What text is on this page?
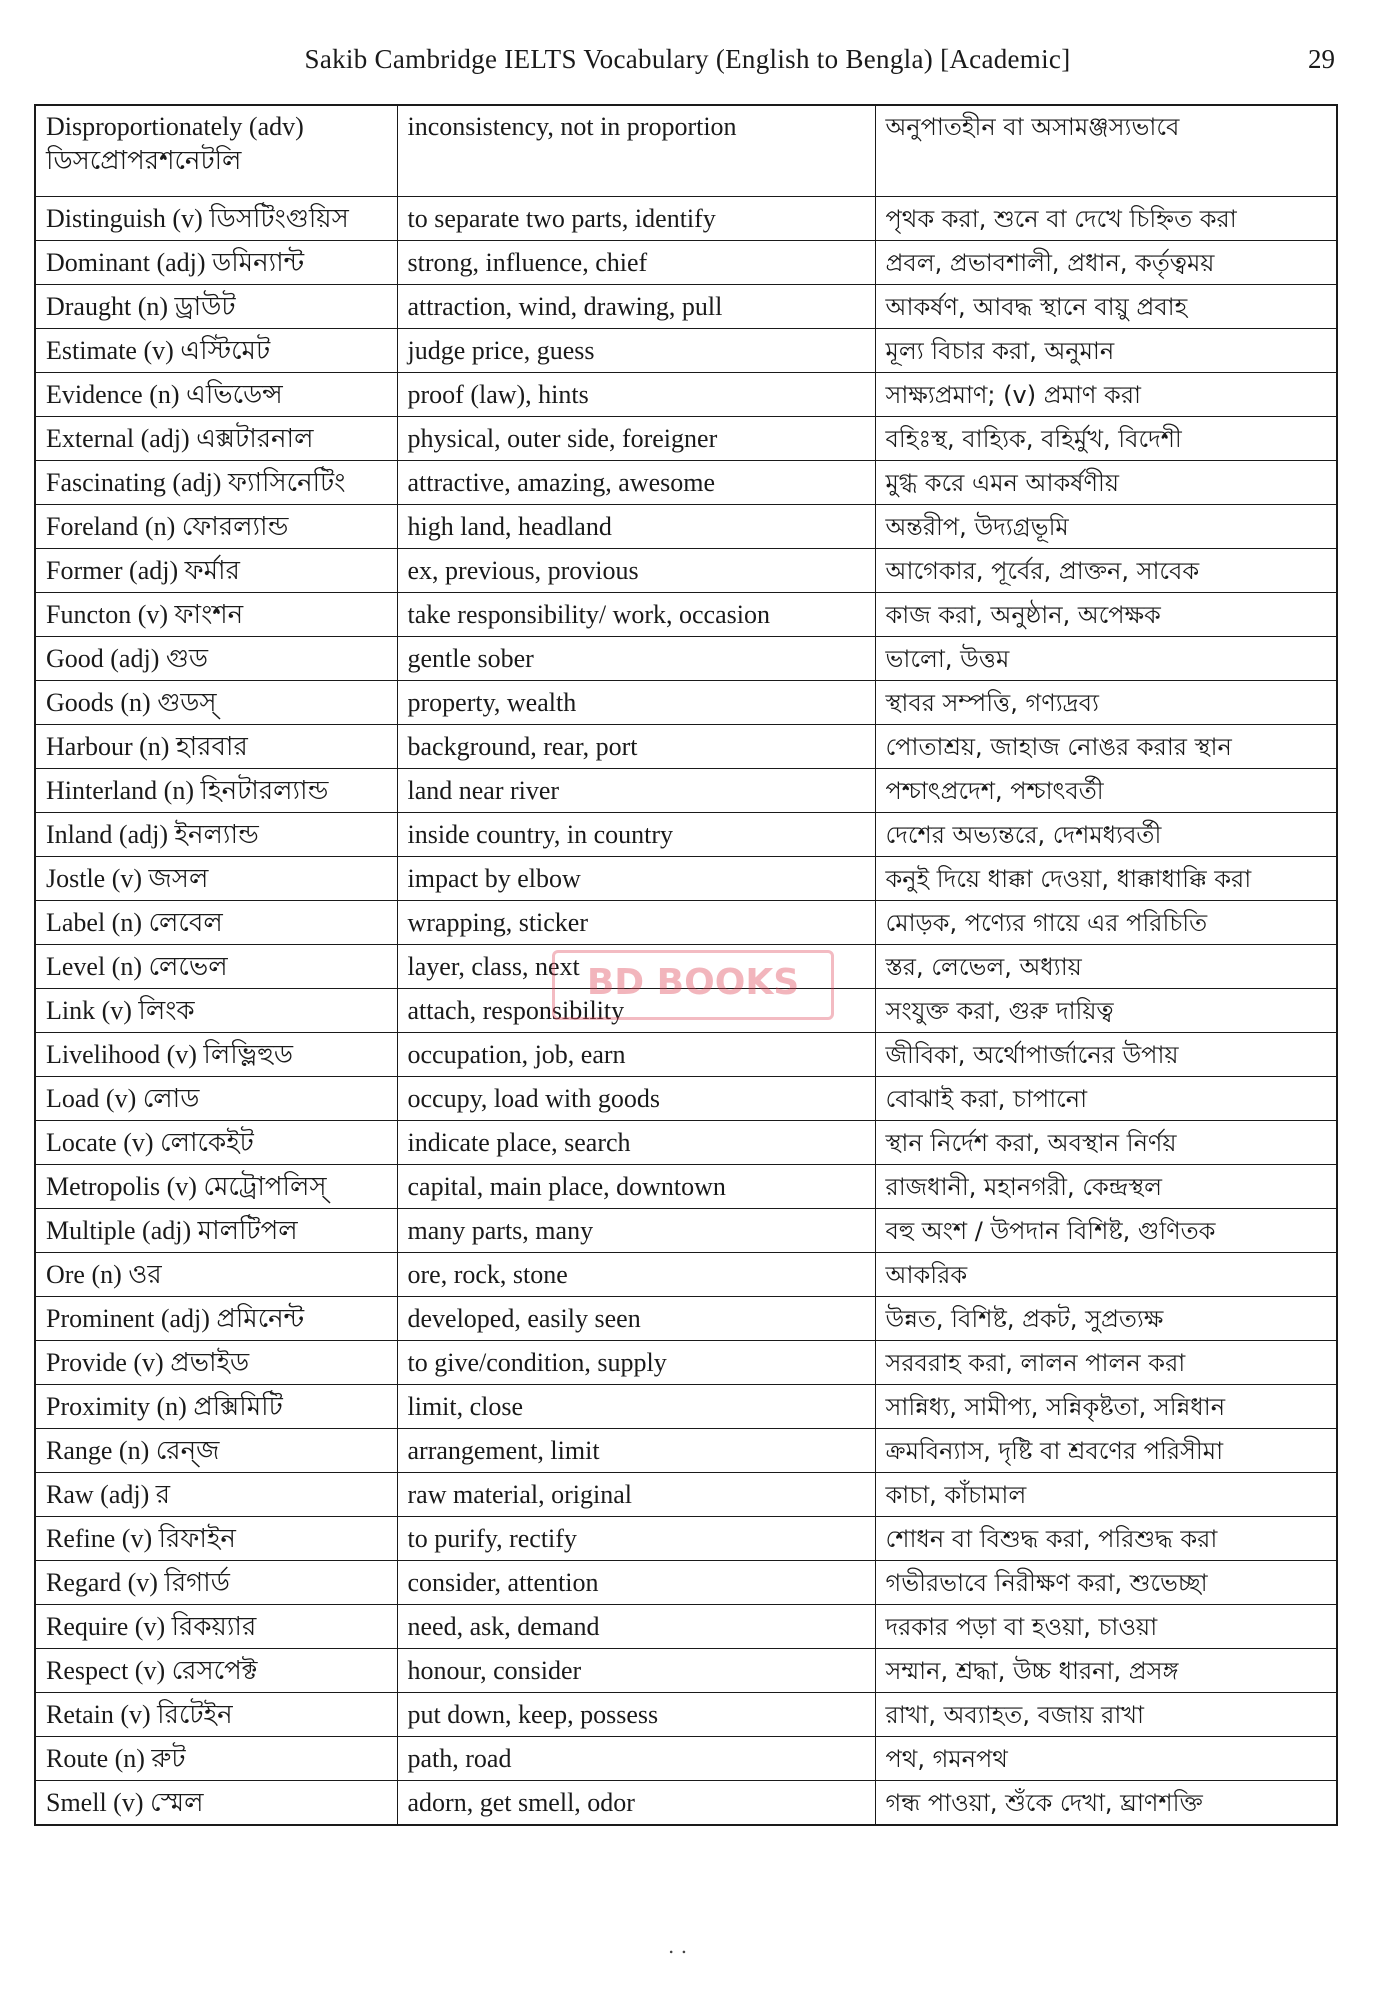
Sakib Cambridge IELTS Vocabulary (English to Bengla) [Academic]	29
Disproportionately (adv) ডিসপ্রোপরশনেটলি	inconsistency, not in proportion	অনুপাতহীন বা অসামঞ্জস্যভাবে
Distinguish (v) ডিসটিংগুয়িস	to separate two parts, identify	পৃথক করা, শুনে বা দেখে চিহ্নিত করা
Dominant (adj) ডমিন্যান্ট	strong, influence, chief	প্রবল, প্রভাবশালী, প্রধান, কর্তৃত্বময়
Draught (n) ড্রাউট	attraction, wind, drawing, pull	আকর্ষণ, আবদ্ধ স্থানে বায়ু প্রবাহ
Estimate (v) এস্টিমেট	judge price, guess	মূল্য বিচার করা, অনুমান
Evidence (n) এভিডেন্স	proof (law), hints	সাক্ষ্যপ্রমাণ; (v) প্রমাণ করা
External (adj) এক্সটারনাল	physical, outer side, foreigner	বহিঃস্থ, বাহ্যিক, বহির্মুখ, বিদেশী
Fascinating (adj) ফ্যাসিনেটিং	attractive, amazing, awesome	মুগ্ধ করে এমন আকর্ষণীয়
Foreland (n) ফোরল্যান্ড	high land, headland	অন্তরীপ, উদ্যগ্রভূমি
Former (adj) ফর্মার	ex, previous, provious	আগেকার, পূর্বের, প্রাক্তন, সাবেক
Functon (v) ফাংশন	take responsibility/ work, occasion	কাজ করা, অনুষ্ঠান, অপেক্ষক
Good (adj) গুড	gentle sober	ভালো, উত্তম
Goods (n) গুডস্	property, wealth	স্থাবর সম্পত্তি, গণ্যদ্রব্য
Harbour (n) হারবার	background, rear, port	পোতাশ্রয়, জাহাজ নোঙর করার স্থান
Hinterland (n) হিনটারল্যান্ড	land near river	পশ্চাৎপ্রদেশ, পশ্চাৎবর্তী
Inland (adj) ইনল্যান্ড	inside country, in country	দেশের অভ্যন্তরে, দেশমধ্যবর্তী
Jostle (v) জসল	impact by elbow	কনুই দিয়ে ধাক্কা দেওয়া, ধাক্কাধাক্কি করা
Label (n) লেবেল	wrapping, sticker	মোড়ক, পণ্যের গায়ে এর পরিচিতি
Level (n) লেভেল	layer, class, next	স্তর, লেভেল, অধ্যায়
Link (v) লিংক	attach, responsibility	সংযুক্ত করা, গুরু দায়িত্ব
Livelihood (v) লিভ্লিহুড	occupation, job, earn	জীবিকা, অর্থোপার্জানের উপায়
Load (v) লোড	occupy, load with goods	বোঝাই করা, চাপানো
Locate (v) লোকেইট	indicate place, search	স্থান নির্দেশ করা, অবস্থান নির্ণয়
Metropolis (v) মেট্রোপলিস্	capital, main place, downtown	রাজধানী, মহানগরী, কেন্দ্রস্থল
Multiple (adj) মালটিপল	many parts, many	বহু অংশ / উপদান বিশিষ্ট, গুণিতক
Ore (n) ওর	ore, rock, stone	আকরিক
Prominent (adj) প্রমিনেন্ট	developed, easily seen	উন্নত, বিশিষ্ট, প্রকট, সুপ্রত্যক্ষ
Provide (v) প্রভাইড	to give/condition, supply	সরবরাহ করা, লালন পালন করা
Proximity (n) প্রক্সিমিটি	limit, close	সান্নিধ্য, সামীপ্য, সন্নিকৃষ্টতা, সন্নিধান
Range (n) রেন্জ	arrangement, limit	ক্রমবিন্যাস, দৃষ্টি বা শ্রবণের পরিসীমা
Raw (adj) র	raw material, original	কাচা, কাঁচামাল
Refine (v) রিফাইন	to purify, rectify	শোধন বা বিশুদ্ধ করা, পরিশুদ্ধ করা
Regard (v) রিগার্ড	consider, attention	গভীরভাবে নিরীক্ষণ করা, শুভেচ্ছা
Require (v) রিকয়্যার	need, ask, demand	দরকার পড়া বা হওয়া, চাওয়া
Respect (v) রেসপেক্ট	honour, consider	সম্মান, শ্রদ্ধা, উচ্চ ধারনা, প্রসঙ্গ
Retain (v) রিটেইন	put down, keep, possess	রাখা, অব্যাহত, বজায় রাখা
Route (n) রুট	path, road	পথ, গমনপথ
Smell (v) স্মেল	adorn, get smell, odor	গন্ধ পাওয়া, শুঁকে দেখা, ঘ্রাণশক্তি
BD BOOKS
. .
